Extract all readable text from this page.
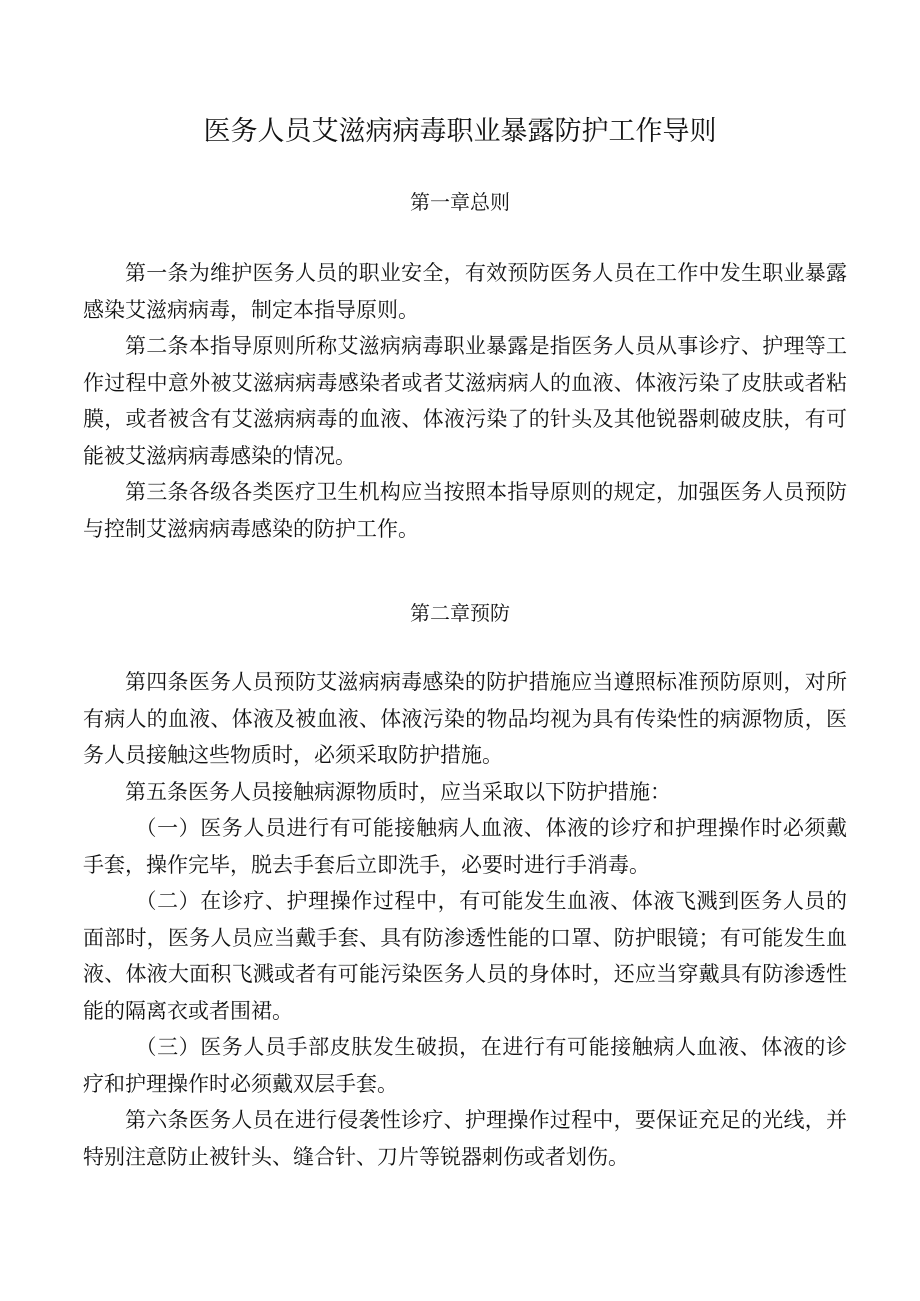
医务人员艾滋病病毒职业暴露防护工作导则
第一章总则

第一条为维护医务人员的职业安全，有效预防医务人员在工作中发生职业暴露感染艾滋病病毒，制定本指导原则。

第二条本指导原则所称艾滋病病毒职业暴露是指医务人员从事诊疗、护理等工作过程中意外被艾滋病病毒感染者或者艾滋病病人的血液、体液污染了皮肤或者粘膜，或者被含有艾滋病病毒的血液、体液污染了的针头及其他锐器刺破皮肤，有可能被艾滋病病毒感染的情况。

第三条各级各类医疗卫生机构应当按照本指导原则的规定，加强医务人员预防与控制艾滋病病毒感染的防护工作。

第二章预防

第四条医务人员预防艾滋病病毒感染的防护措施应当遵照标准预防原则，对所有病人的血液、体液及被血液、体液污染的物品均视为具有传染性的病源物质，医务人员接触这些物质时，必须采取防护措施。

第五条医务人员接触病源物质时，应当采取以下防护措施：

（一）医务人员进行有可能接触病人血液、体液的诊疗和护理操作时必须戴手套，操作完毕，脱去手套后立即洗手，必要时进行手消毒。

（二）在诊疗、护理操作过程中，有可能发生血液、体液飞溅到医务人员的面部时，医务人员应当戴手套、具有防渗透性能的口罩、防护眼镜；有可能发生血液、体液大面积飞溅或者有可能污染医务人员的身体时，还应当穿戴具有防渗透性能的隔离衣或者围裙。

（三）医务人员手部皮肤发生破损，在进行有可能接触病人血液、体液的诊疗和护理操作时必须戴双层手套。

第六条医务人员在进行侵袭性诊疗、护理操作过程中，要保证充足的光线，并特别注意防止被针头、缝合针、刀片等锐器刺伤或者划伤。
